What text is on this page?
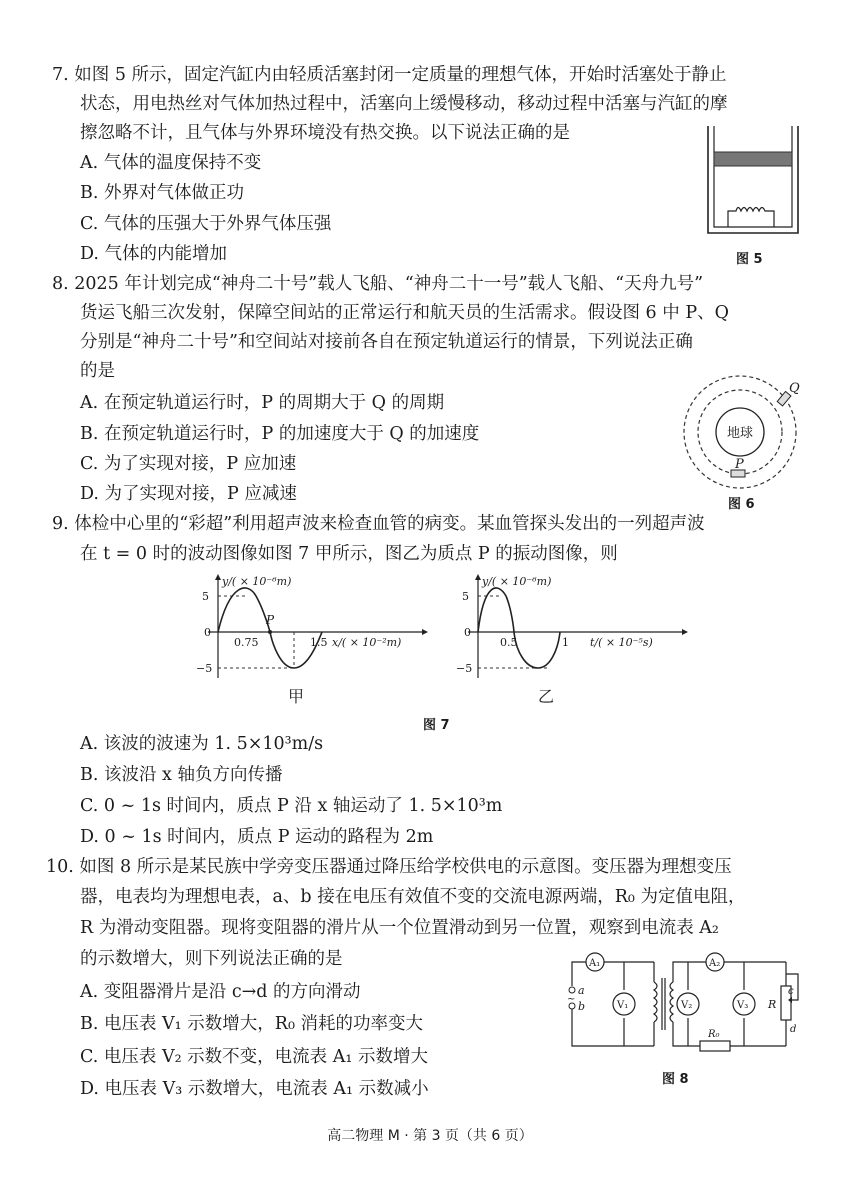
7. 如图 5 所示，固定汽缸内由轻质活塞封闭一定质量的理想气体，开始时活塞处于静止
状态，用电热丝对气体加热过程中，活塞向上缓慢移动，移动过程中活塞与汽缸的摩
擦忽略不计，且气体与外界环境没有热交换。以下说法正确的是
A. 气体的温度保持不变
B. 外界对气体做正功
C. 气体的压强大于外界气体压强
D. 气体的内能增加	图 5
8. 2025 年计划完成“神舟二十号”载人飞船、“神舟二十一号”载人飞船、“天舟九号”
货运飞船三次发射，保障空间站的正常运行和航天员的生活需求。假设图 6 中 P、Q
分别是“神舟二十号”和空间站对接前各自在预定轨道运行的情景，下列说法正确
的是
A. 在预定轨道运行时，P 的周期大于 Q 的周期
B. 在预定轨道运行时，P 的加速度大于 Q 的加速度
C. 为了实现对接，P 应加速
D. 为了实现对接，P 应减速
地球
Q
P
图 6
9. 体检中心里的“彩超”利用超声波来检查血管的病变。某血管探头发出的一列超声波
在 t = 0 时的波动图像如图 7 甲所示，图乙为质点 P 的振动图像，则
y/( × 10⁻⁶m)
5
0
−5
P
0.75	1.5 x/( × 10⁻²m)
甲
y/( × 10⁻⁶m)
5
0
−5
0.5	1 t/( × 10⁻⁵s)
乙
图 7
A. 该波的波速为 1. 5×10³m/s
B. 该波沿 x 轴负方向传播
C. 0 ~ 1s 时间内，质点 P 沿 x 轴运动了 1. 5×10³m
D. 0 ~ 1s 时间内，质点 P 运动的路程为 2m
10. 如图 8 所示是某民族中学旁变压器通过降压给学校供电的示意图。变压器为理想变压
器，电表均为理想电表，a、b 接在电压有效值不变的交流电源两端，R₀ 为定值电阻，
R 为滑动变阻器。现将变阻器的滑片从一个位置滑动到另一位置，观察到电流表 A₂
的示数增大，则下列说法正确的是
A. 变阻器滑片是沿 c→d 的方向滑动
B. 电压表 V₁ 示数增大，R₀ 消耗的功率变大
C. 电压表 V₂ 示数不变，电流表 A₁ 示数增大
D. 电压表 V₃ 示数增大，电流表 A₁ 示数减小
~
a
b
A₁
V₁
A₂
V₂
R₀
V₃
c
R
d
图 8
高二物理 M · 第 3 页（共 6 页）
